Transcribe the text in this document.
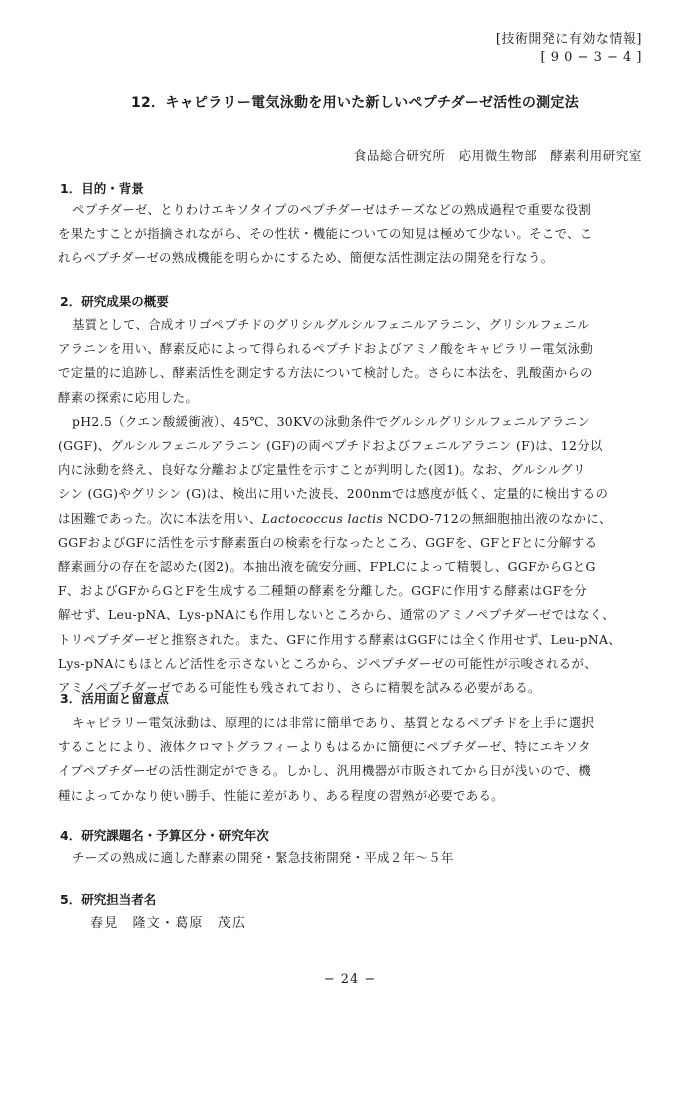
[技術開発に有効な情報]
[ 9 0 − 3 − 4 ]
12．キャピラリー電気泳動を用いた新しいペプチダーゼ活性の測定法
食品総合研究所　応用微生物部　酵素利用研究室
1．目的・背景
ペプチダーゼ、とりわけエキソタイプのペプチダーゼはチーズなどの熟成過程で重要な役割
を果たすことが指摘されながら、その性状・機能についての知見は極めて少ない。そこで、こ
れらペプチダーゼの熟成機能を明らかにするため、簡便な活性測定法の開発を行なう。
2．研究成果の概要
基質として、合成オリゴペプチドのグリシルグルシルフェニルアラニン、グリシルフェニル
アラニンを用い、酵素反応によって得られるペプチドおよびアミノ酸をキャピラリー電気泳動
で定量的に追跡し、酵素活性を測定する方法について検討した。さらに本法を、乳酸菌からの
酵素の探索に応用した。
pH2.5（クエン酸緩衝液）、45℃、30KVの泳動条件でグルシルグリシルフェニルアラニン
(GGF)、グルシルフェニルアラニン (GF)の両ペプチドおよびフェニルアラニン (F)は、12分以
内に泳動を終え、良好な分離および定量性を示すことが判明した(図1)。なお、グルシルグリ
シン (GG)やグリシン (G)は、検出に用いた波長、200nmでは感度が低く、定量的に検出するの
は困難であった。次に本法を用い、Lactococcus lactis NCDO-712の無細胞抽出液のなかに、
GGFおよびGFに活性を示す酵素蛋白の検索を行なったところ、GGFを、GFとFとに分解する
酵素画分の存在を認めた(図2)。本抽出液を硫安分画、FPLCによって精製し、GGFからGとG
F、およびGFからGとFを生成する二種類の酵素を分離した。GGFに作用する酵素はGFを分
解せず、Leu-pNA、Lys-pNAにも作用しないところから、通常のアミノペプチダーゼではなく、
トリペプチダーゼと推察された。また、GFに作用する酵素はGGFには全く作用せず、Leu-pNA、
Lys-pNAにもほとんど活性を示さないところから、ジペプチダーゼの可能性が示唆されるが、
アミノペプチダーゼである可能性も残されており、さらに精製を試みる必要がある。
3．活用面と留意点
キャピラリー電気泳動は、原理的には非常に簡単であり、基質となるペプチドを上手に選択
することにより、液体クロマトグラフィーよりもはるかに簡便にペプチダーゼ、特にエキソタ
イプペプチダーゼの活性測定ができる。しかし、汎用機器が市販されてから日が浅いので、機
種によってかなり使い勝手、性能に差があり、ある程度の習熟が必要である。
4．研究課題名・予算区分・研究年次
チーズの熟成に適した酵素の開発・緊急技術開発・平成２年～５年
5．研究担当者名
春見　隆文・葛原　茂広
− 24 −
